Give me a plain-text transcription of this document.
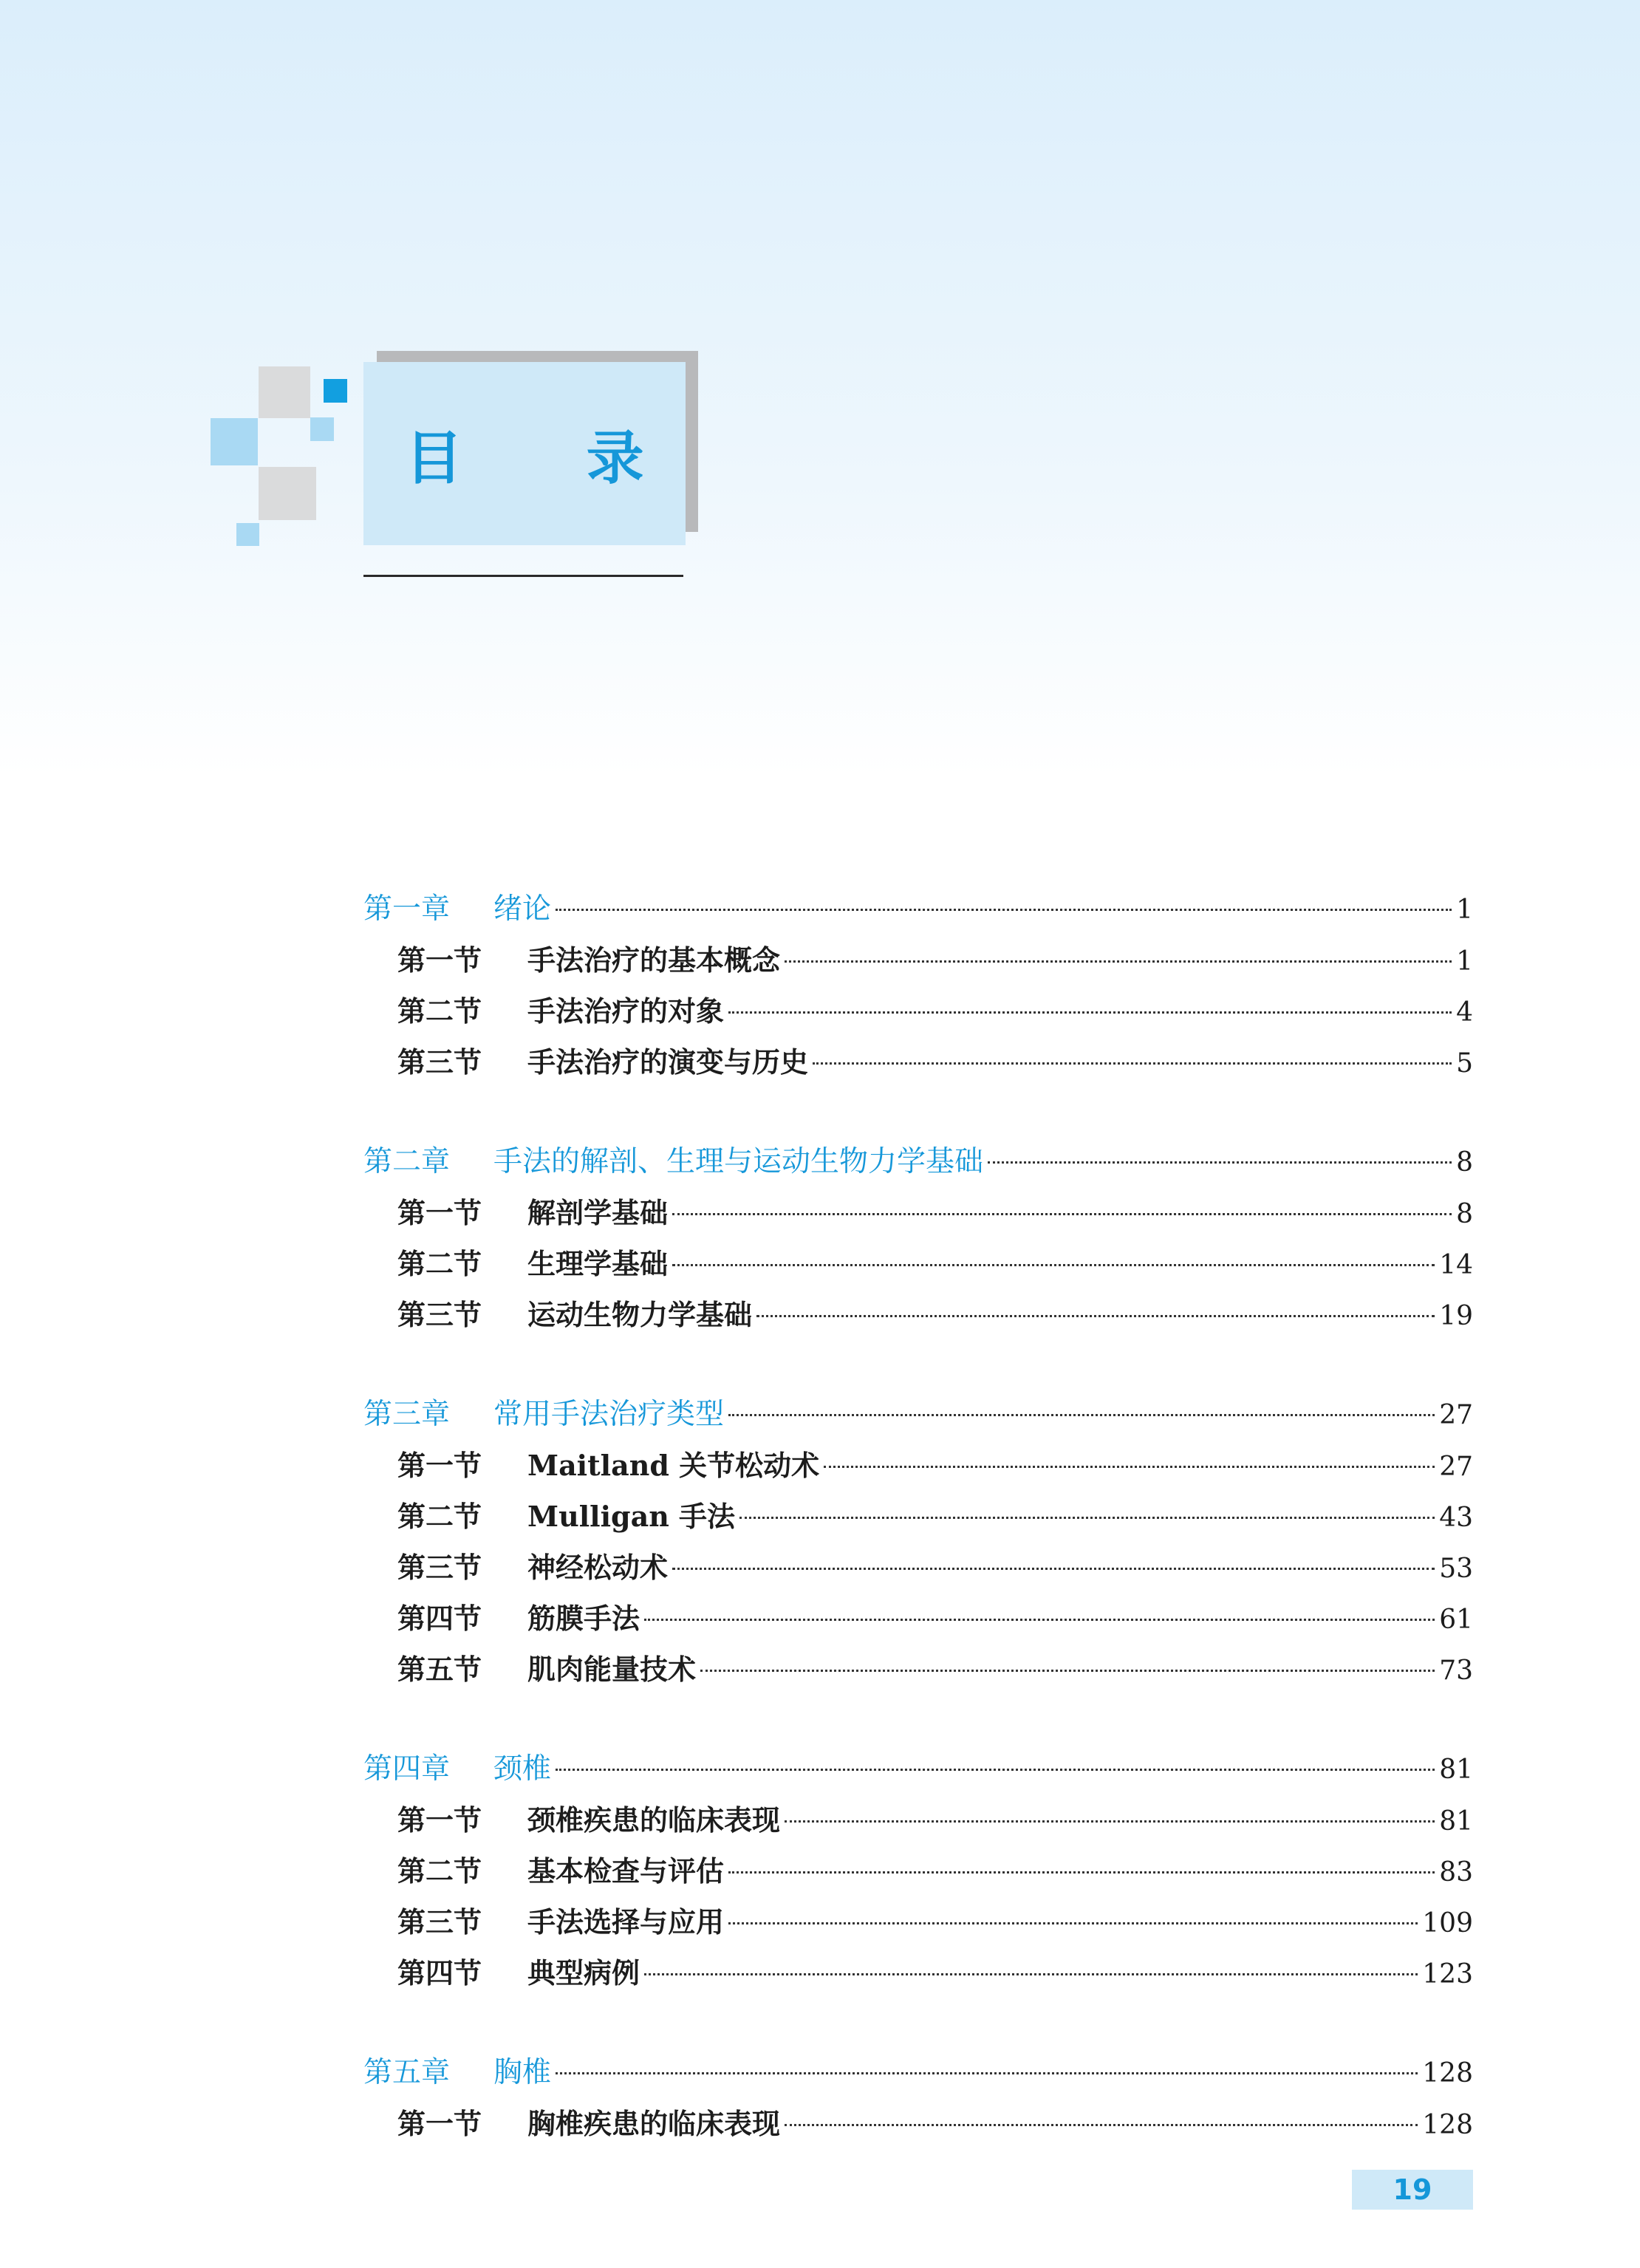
目 录
第一章	绪论	1
第一节	手法治疗的基本概念	1
第二节	手法治疗的对象	4
第三节	手法治疗的演变与历史	5
第二章	手法的解剖、生理与运动生物力学基础	8
第一节	解剖学基础	8
第二节	生理学基础	14
第三节	运动生物力学基础	19
第三章	常用手法治疗类型	27
第一节	Maitland 关节松动术	27
第二节	Mulligan 手法	43
第三节	神经松动术	53
第四节	筋膜手法	61
第五节	肌肉能量技术	73
第四章	颈椎	81
第一节	颈椎疾患的临床表现	81
第二节	基本检查与评估	83
第三节	手法选择与应用	109
第四节	典型病例	123
第五章	胸椎	128
第一节	胸椎疾患的临床表现	128
19
